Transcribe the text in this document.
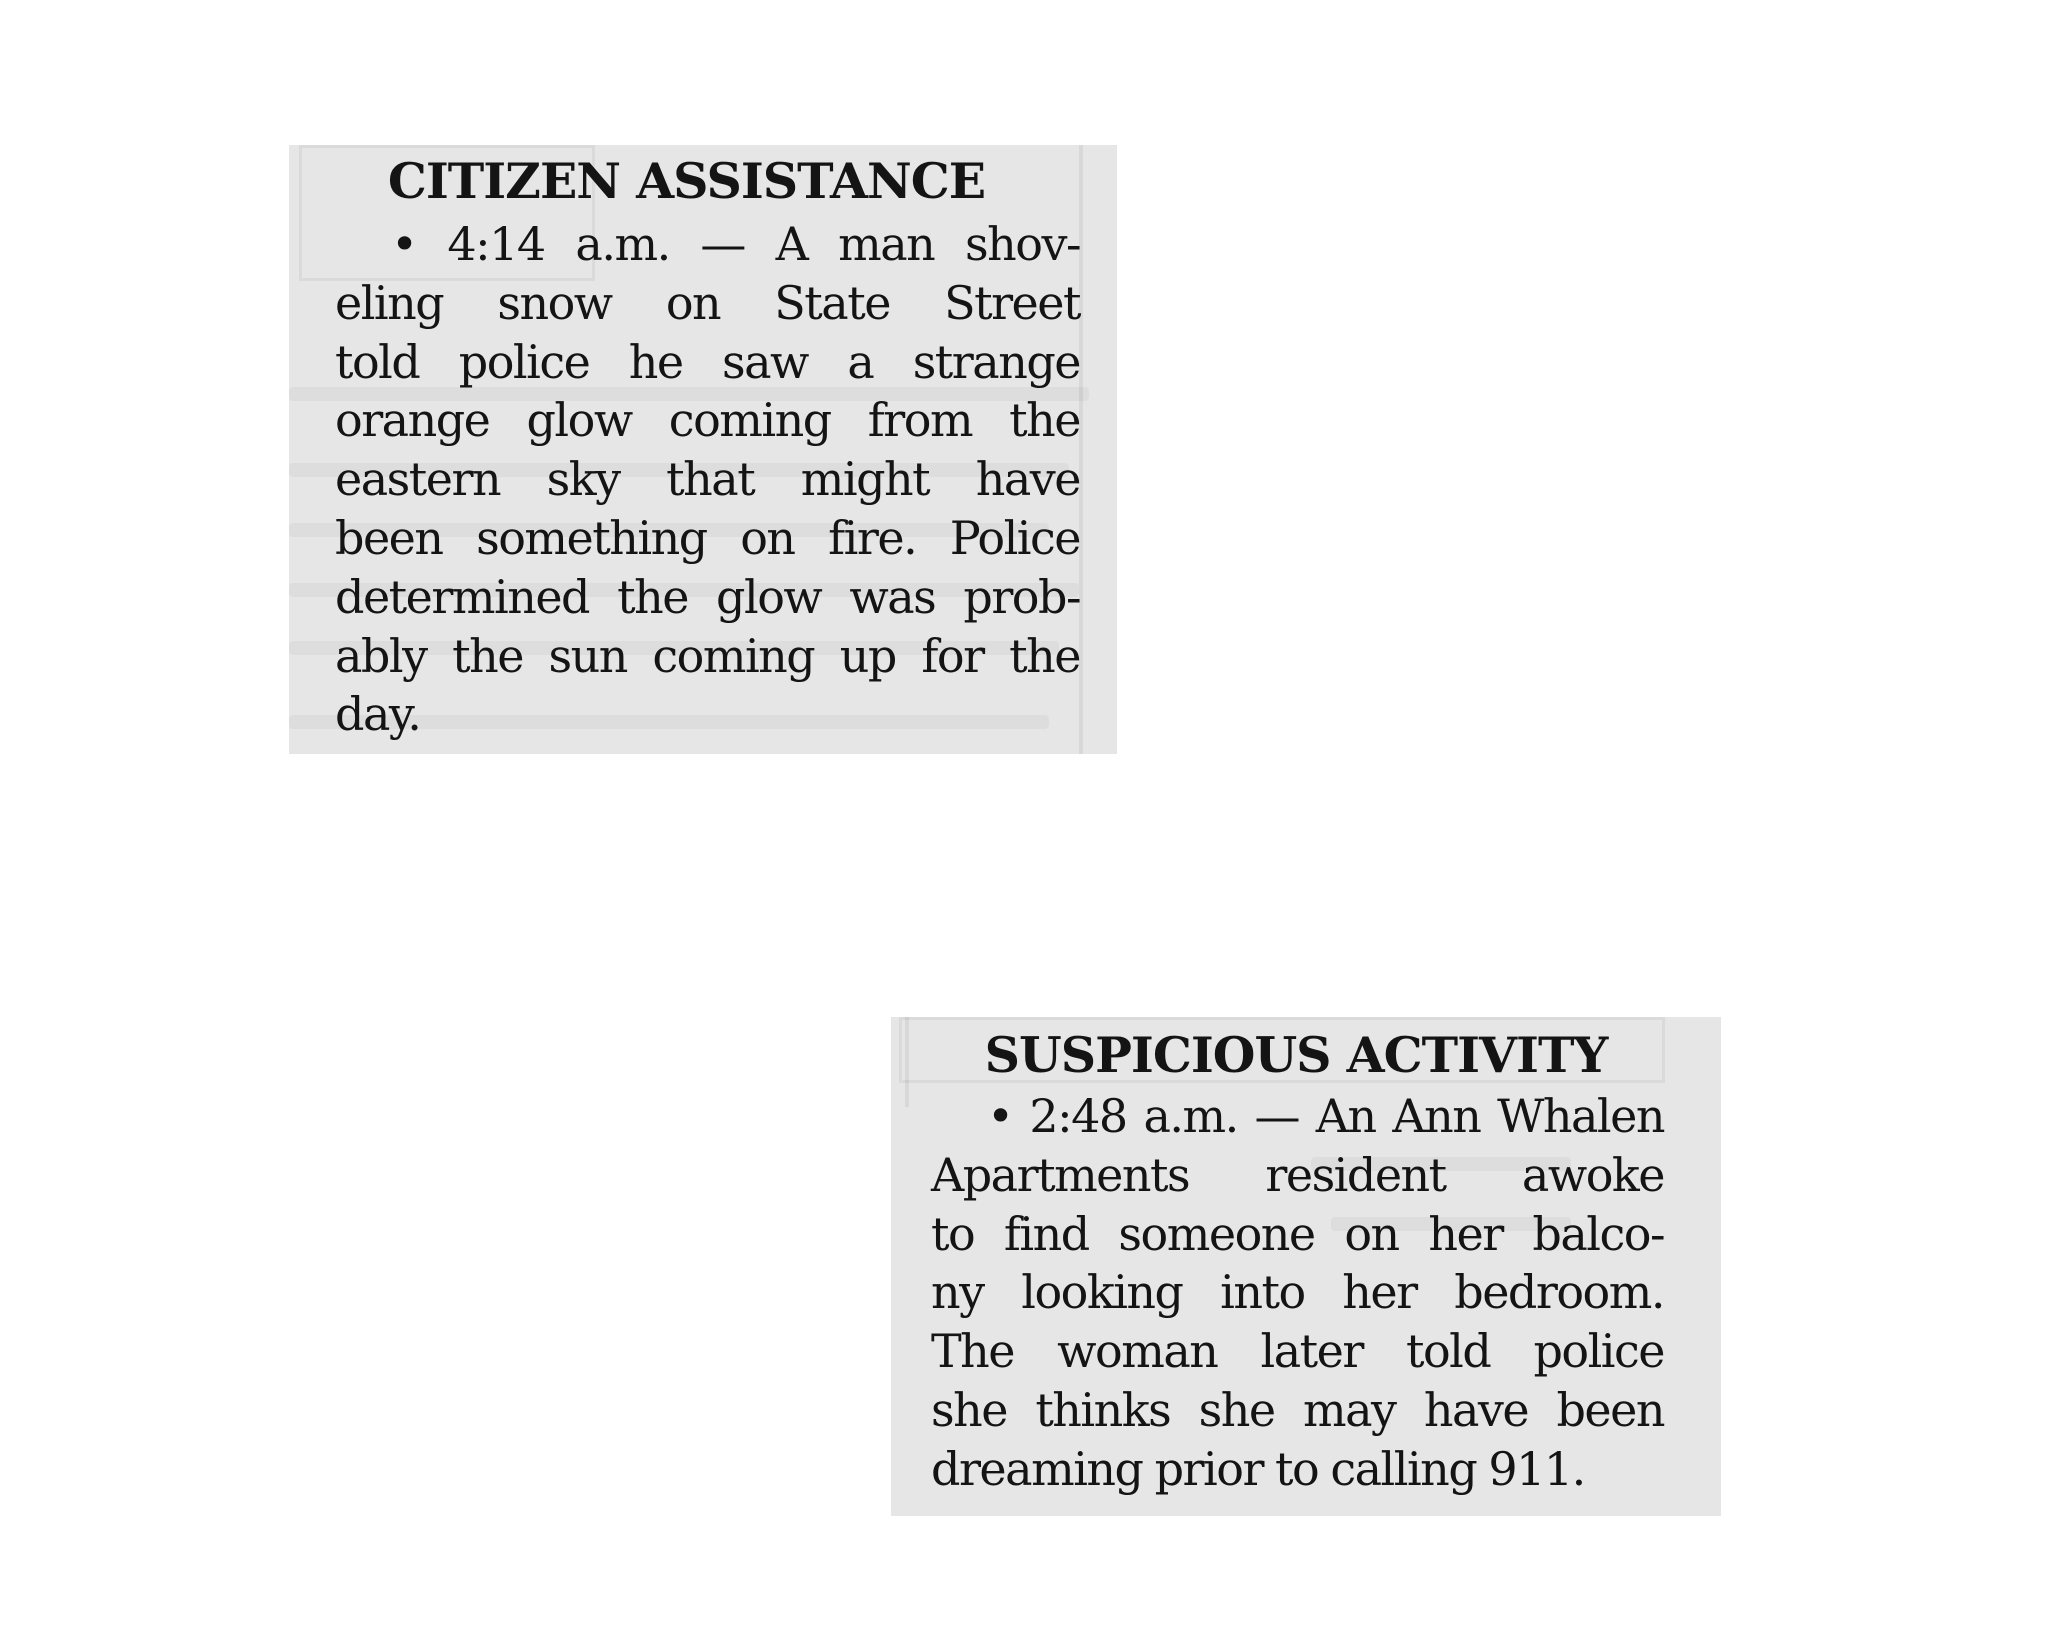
CITIZEN ASSISTANCE
• 4:14 a.m. — A man shov-
eling snow on State Street
told police he saw a strange
orange glow coming from the
eastern sky that might have
been something on fire. Police
determined the glow was prob-
ably the sun coming up for the
day.
SUSPICIOUS ACTIVITY
• 2:48 a.m. — An Ann Whalen
Apartments resident awoke
to find someone on her balco-
ny looking into her bedroom.
The woman later told police
she thinks she may have been
dreaming prior to calling 911.
